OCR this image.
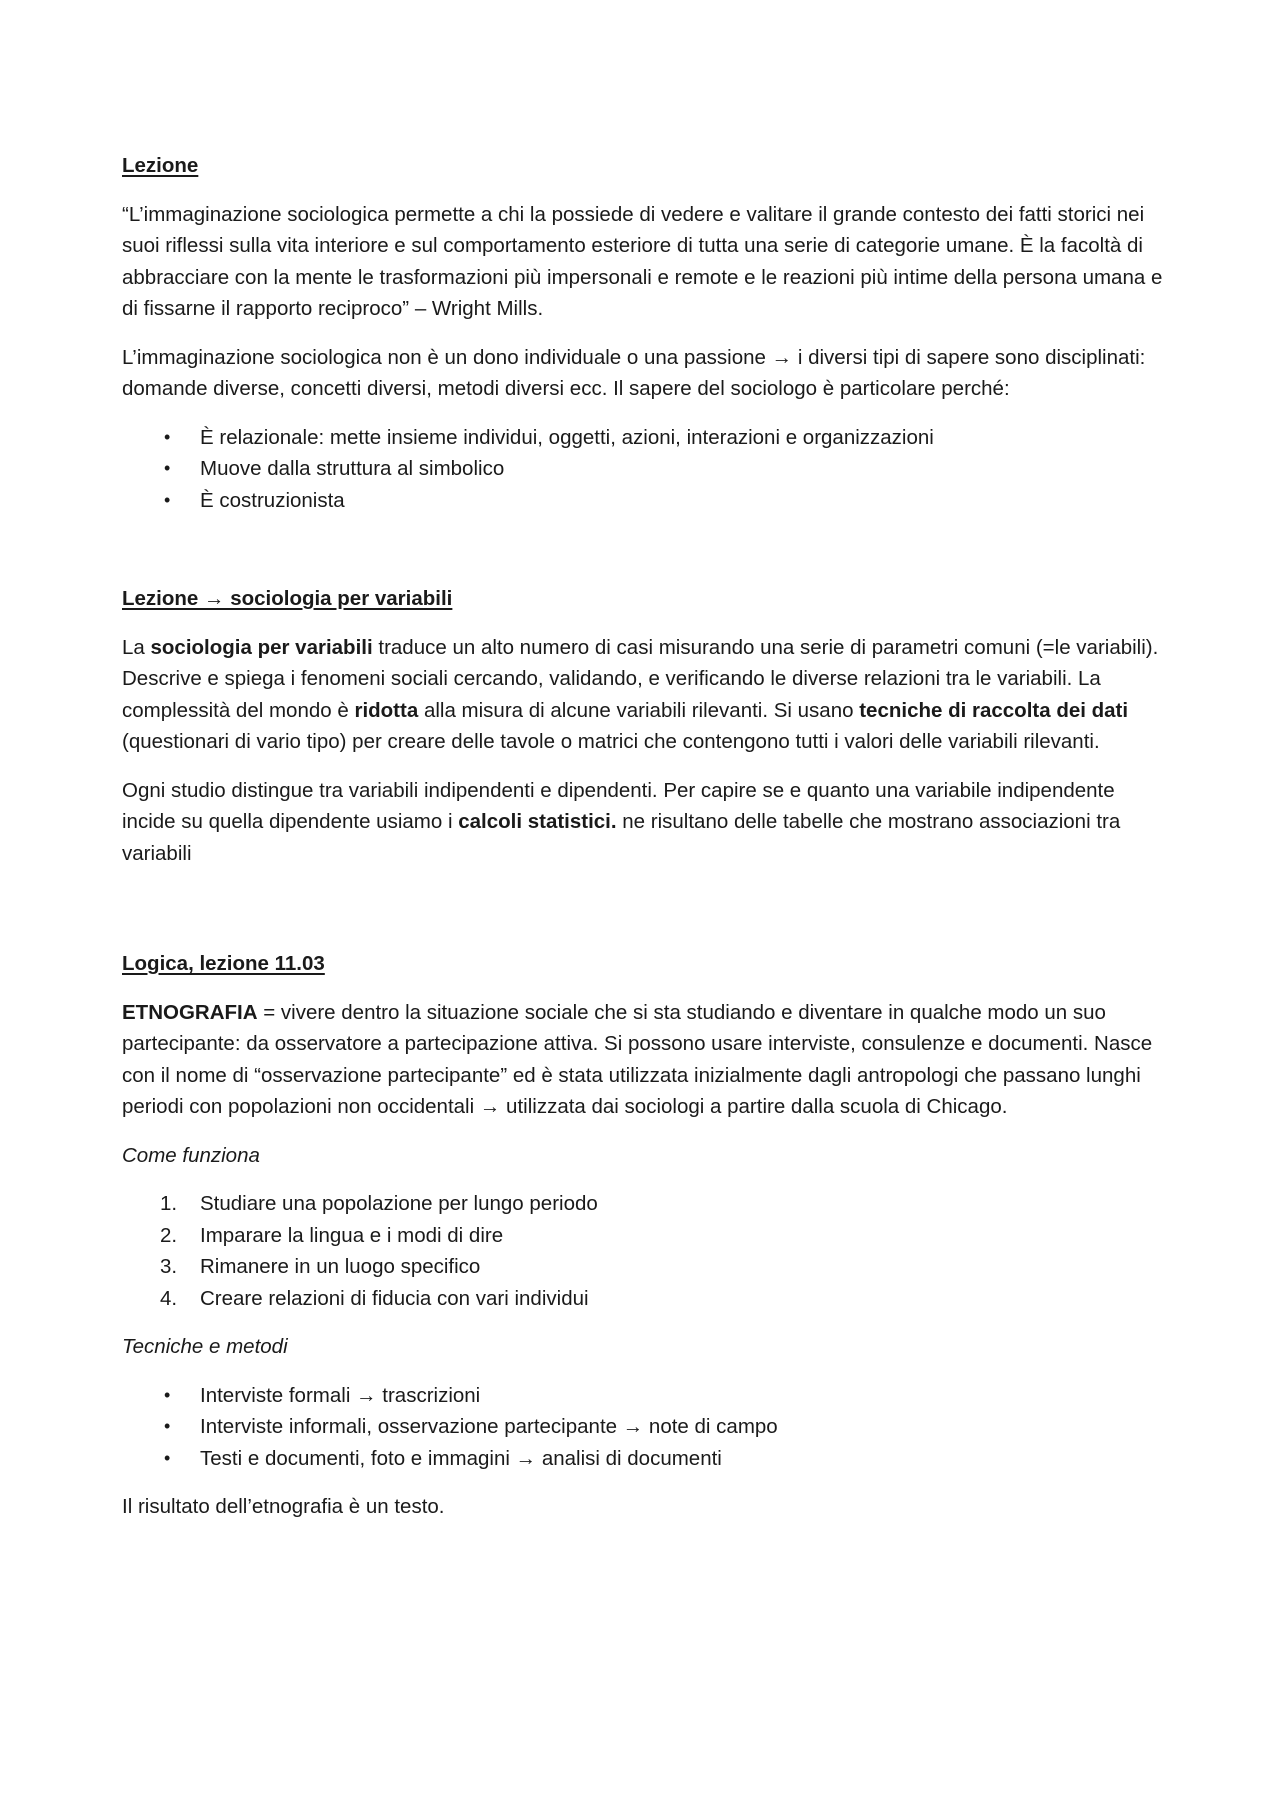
Lezione
“L’immaginazione sociologica permette a chi la possiede di vedere e valitare il grande contesto dei fatti storici nei suoi riflessi sulla vita interiore e sul comportamento esteriore di tutta una serie di categorie umane. È la facoltà di abbracciare con la mente le trasformazioni più impersonali e remote e le reazioni più intime della persona umana e di fissarne il rapporto reciproco” – Wright Mills.
L’immaginazione sociologica non è un dono individuale o una passione → i diversi tipi di sapere sono disciplinati: domande diverse, concetti diversi, metodi diversi ecc. Il sapere del sociologo è particolare perché:
• È relazionale: mette insieme individui, oggetti, azioni, interazioni e organizzazioni
• Muove dalla struttura al simbolico
• È costruzionista
Lezione → sociologia per variabili
La sociologia per variabili traduce un alto numero di casi misurando una serie di parametri comuni (=le variabili). Descrive e spiega i fenomeni sociali cercando, validando, e verificando le diverse relazioni tra le variabili. La complessità del mondo è ridotta alla misura di alcune variabili rilevanti. Si usano tecniche di raccolta dei dati (questionari di vario tipo) per creare delle tavole o matrici che contengono tutti i valori delle variabili rilevanti.
Ogni studio distingue tra variabili indipendenti e dipendenti. Per capire se e quanto una variabile indipendente incide su quella dipendente usiamo i calcoli statistici. ne risultano delle tabelle che mostrano associazioni tra variabili
Logica, lezione 11.03
ETNOGRAFIA = vivere dentro la situazione sociale che si sta studiando e diventare in qualche modo un suo partecipante: da osservatore a partecipazione attiva. Si possono usare interviste, consulenze e documenti. Nasce con il nome di “osservazione partecipante” ed è stata utilizzata inizialmente dagli antropologi che passano lunghi periodi con popolazioni non occidentali → utilizzata dai sociologi a partire dalla scuola di Chicago.
Come funziona
1. Studiare una popolazione per lungo periodo
2. Imparare la lingua e i modi di dire
3. Rimanere in un luogo specifico
4. Creare relazioni di fiducia con vari individui
Tecniche e metodi
• Interviste formali → trascrizioni
• Interviste informali, osservazione partecipante → note di campo
• Testi e documenti, foto e immagini → analisi di documenti
Il risultato dell’etnografia è un testo.
